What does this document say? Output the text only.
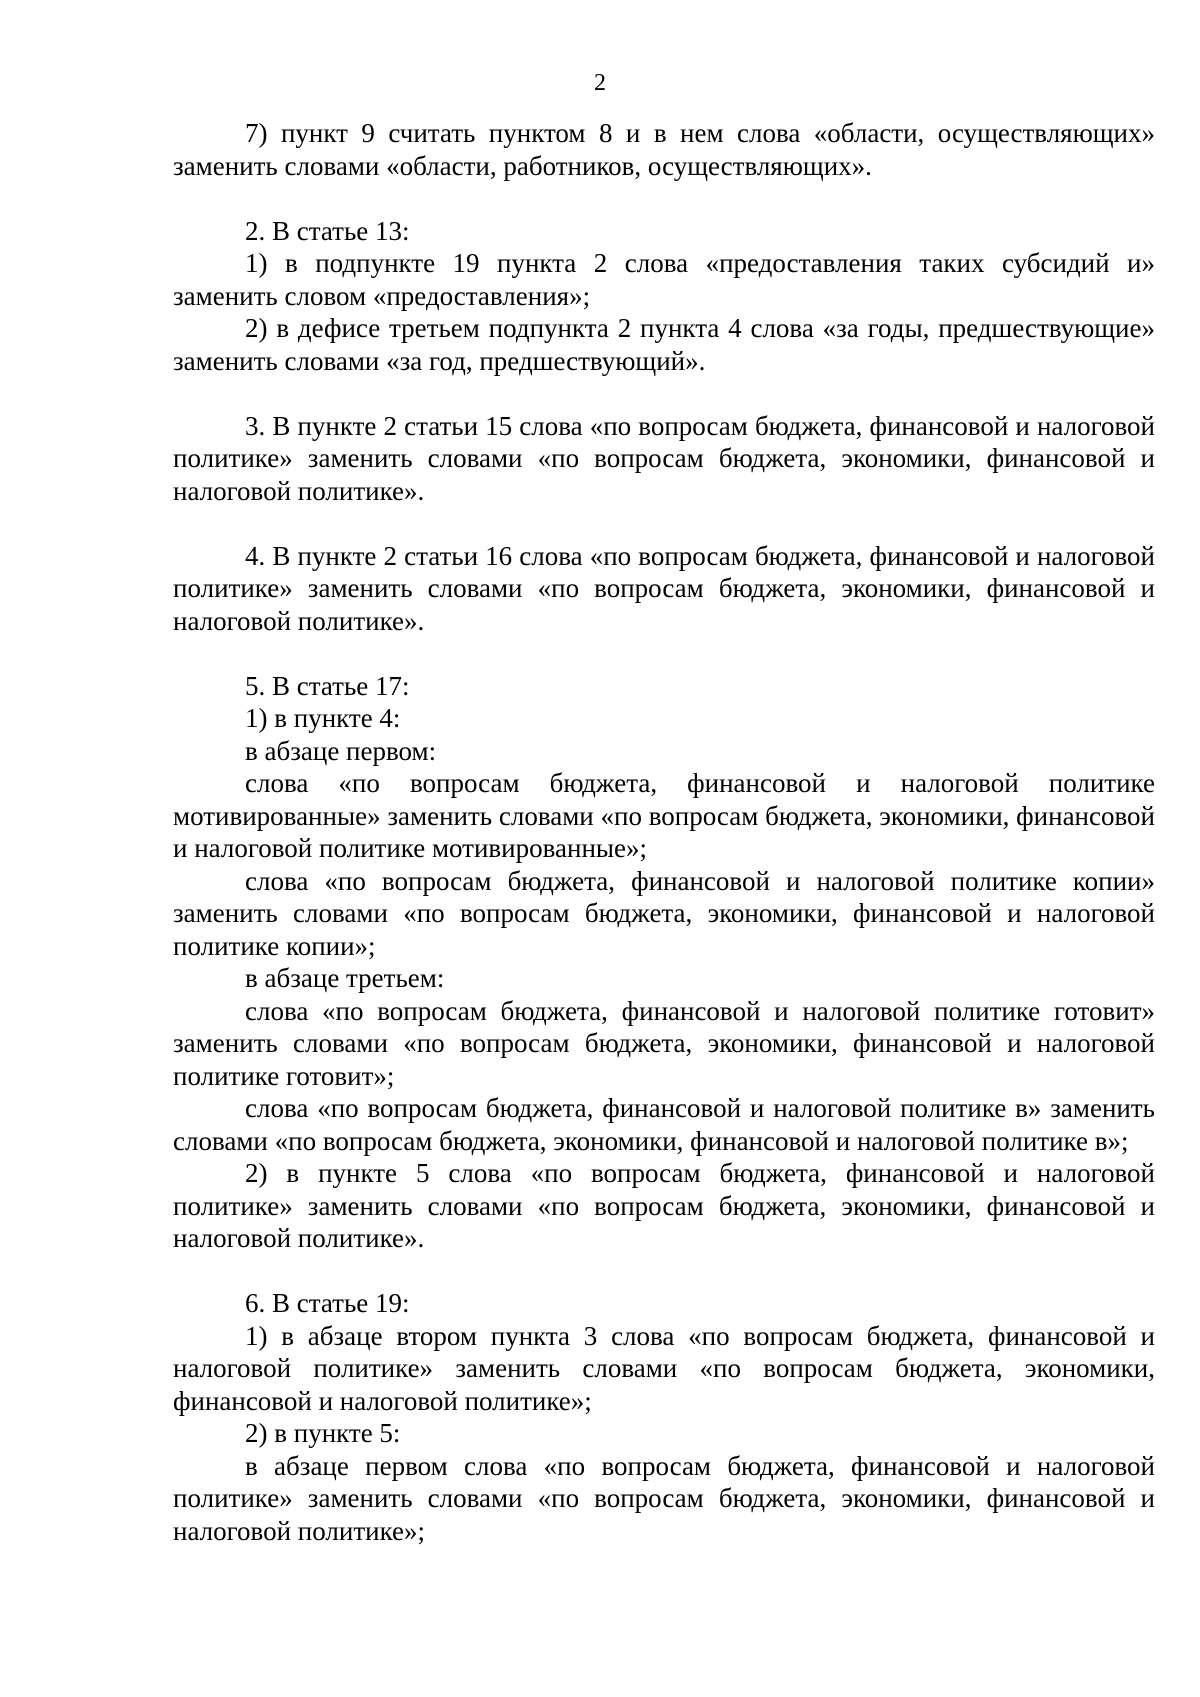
2

7) пункт 9 считать пунктом 8 и в нем слова «области, осуществляющих» заменить словами «области, работников, осуществляющих».

2. В статье 13:

1) в подпункте 19 пункта 2 слова «предоставления таких субсидий и» заменить словом «предоставления»;

2) в дефисе третьем подпункта 2 пункта 4 слова «за годы, предшествующие» заменить словами «за год, предшествующий».

3. В пункте 2 статьи 15 слова «по вопросам бюджета, финансовой и налоговой политике» заменить словами «по вопросам бюджета, экономики, финансовой и налоговой политике».

4. В пункте 2 статьи 16 слова «по вопросам бюджета, финансовой и налоговой политике» заменить словами «по вопросам бюджета, экономики, финансовой и налоговой политике».

5. В статье 17:

1) в пункте 4:

в абзаце первом:

слова «по вопросам бюджета, финансовой и налоговой политике мотивированные» заменить словами «по вопросам бюджета, экономики, финансовой и налоговой политике мотивированные»;

слова «по вопросам бюджета, финансовой и налоговой политике копии» заменить словами «по вопросам бюджета, экономики, финансовой и налоговой политике копии»;

в абзаце третьем:

слова «по вопросам бюджета, финансовой и налоговой политике готовит» заменить словами «по вопросам бюджета, экономики, финансовой и налоговой политике готовит»;

слова «по вопросам бюджета, финансовой и налоговой политике в» заменить словами «по вопросам бюджета, экономики, финансовой и налоговой политике в»;

2) в пункте 5 слова «по вопросам бюджета, финансовой и налоговой политике» заменить словами «по вопросам бюджета, экономики, финансовой и налоговой политике».

6. В статье 19:

1) в абзаце втором пункта 3 слова «по вопросам бюджета, финансовой и налоговой политике» заменить словами «по вопросам бюджета, экономики, финансовой и налоговой политике»;

2) в пункте 5:

в абзаце первом слова «по вопросам бюджета, финансовой и налоговой политике» заменить словами «по вопросам бюджета, экономики, финансовой и налоговой политике»;
